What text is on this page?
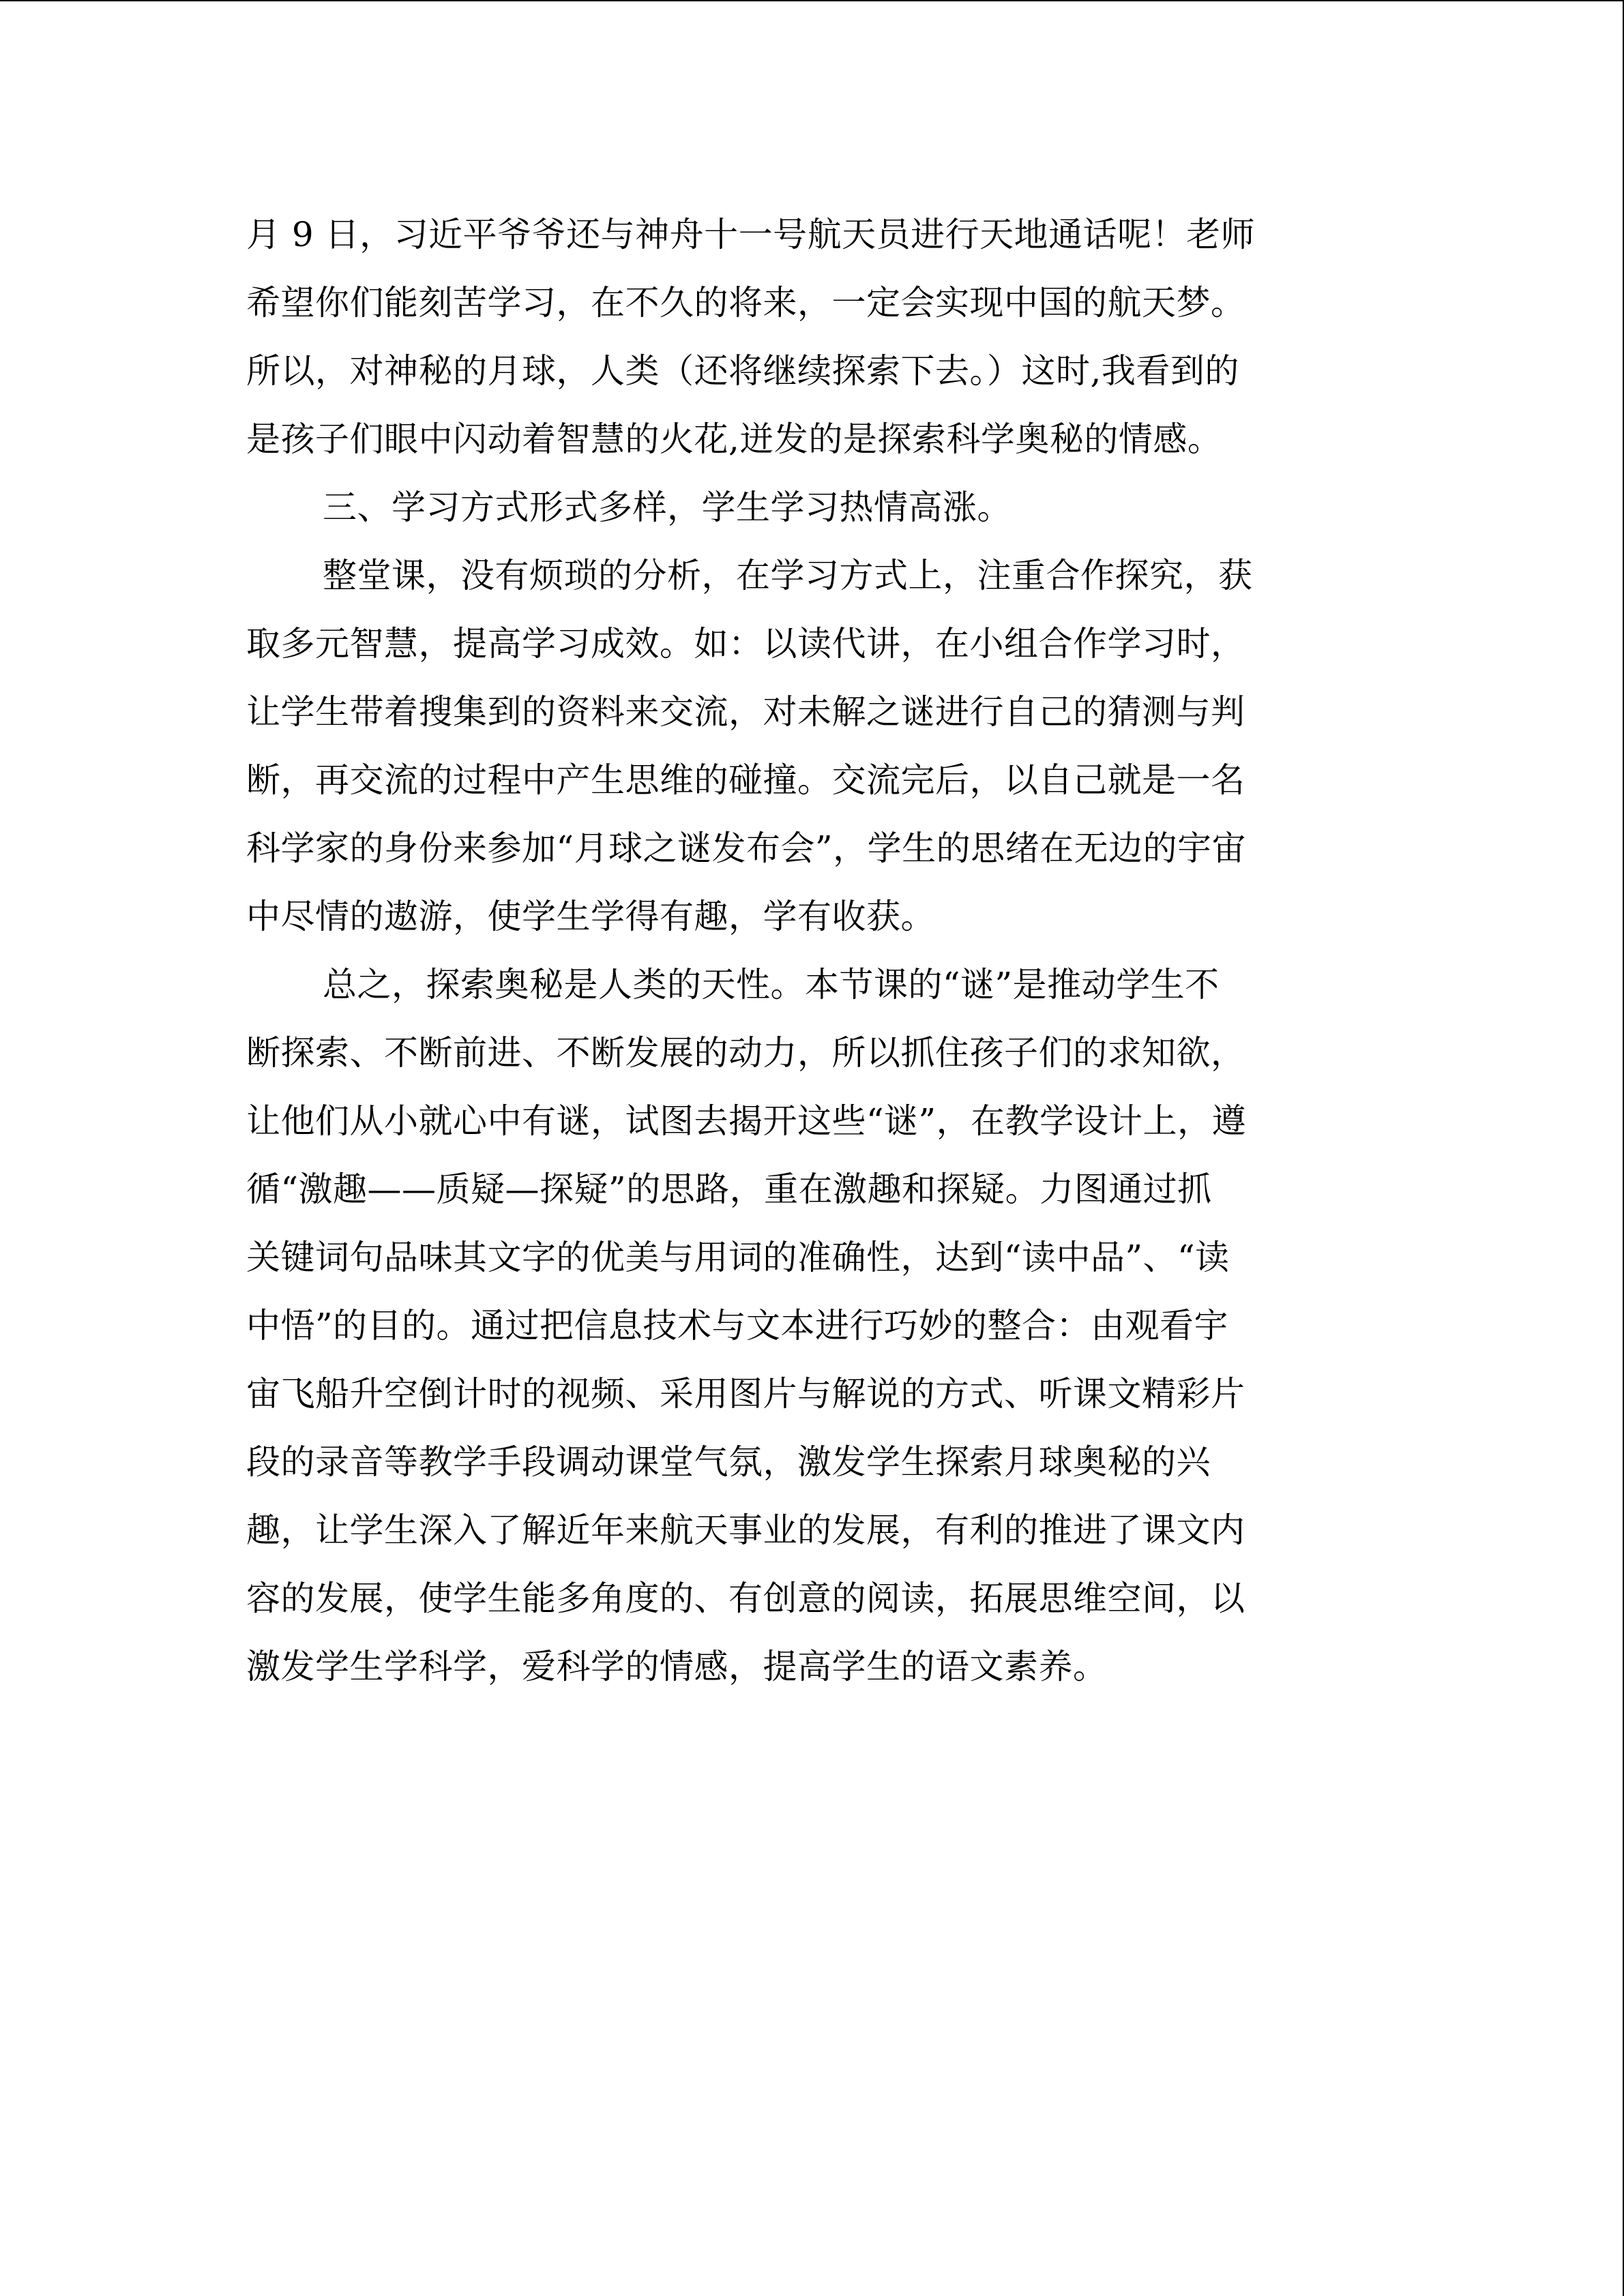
月 9 日，习近平爷爷还与神舟十一号航天员进行天地通话呢！老师
希望你们能刻苦学习，在不久的将来，一定会实现中国的航天梦。
所以，对神秘的月球，人类（还将继续探索下去。）这时,我看到的
是孩子们眼中闪动着智慧的火花,迸发的是探索科学奥秘的情感。
三、学习方式形式多样，学生学习热情高涨。
整堂课，没有烦琐的分析，在学习方式上，注重合作探究，获
取多元智慧，提高学习成效。如：以读代讲，在小组合作学习时，
让学生带着搜集到的资料来交流，对未解之谜进行自己的猜测与判
断，再交流的过程中产生思维的碰撞。交流完后，以自己就是一名
科学家的身份来参加“月球之谜发布会”，学生的思绪在无边的宇宙
中尽情的遨游，使学生学得有趣，学有收获。
总之，探索奥秘是人类的天性。本节课的“谜”是推动学生不
断探索、不断前进、不断发展的动力，所以抓住孩子们的求知欲，
让他们从小就心中有谜，试图去揭开这些“谜”，在教学设计上，遵
循“激趣——质疑—探疑”的思路，重在激趣和探疑。力图通过抓
关键词句品味其文字的优美与用词的准确性，达到“读中品”、“读
中悟”的目的。通过把信息技术与文本进行巧妙的整合：由观看宇
宙飞船升空倒计时的视频、采用图片与解说的方式、听课文精彩片
段的录音等教学手段调动课堂气氛，激发学生探索月球奥秘的兴
趣，让学生深入了解近年来航天事业的发展，有利的推进了课文内
容的发展，使学生能多角度的、有创意的阅读，拓展思维空间，以
激发学生学科学，爱科学的情感，提高学生的语文素养。
